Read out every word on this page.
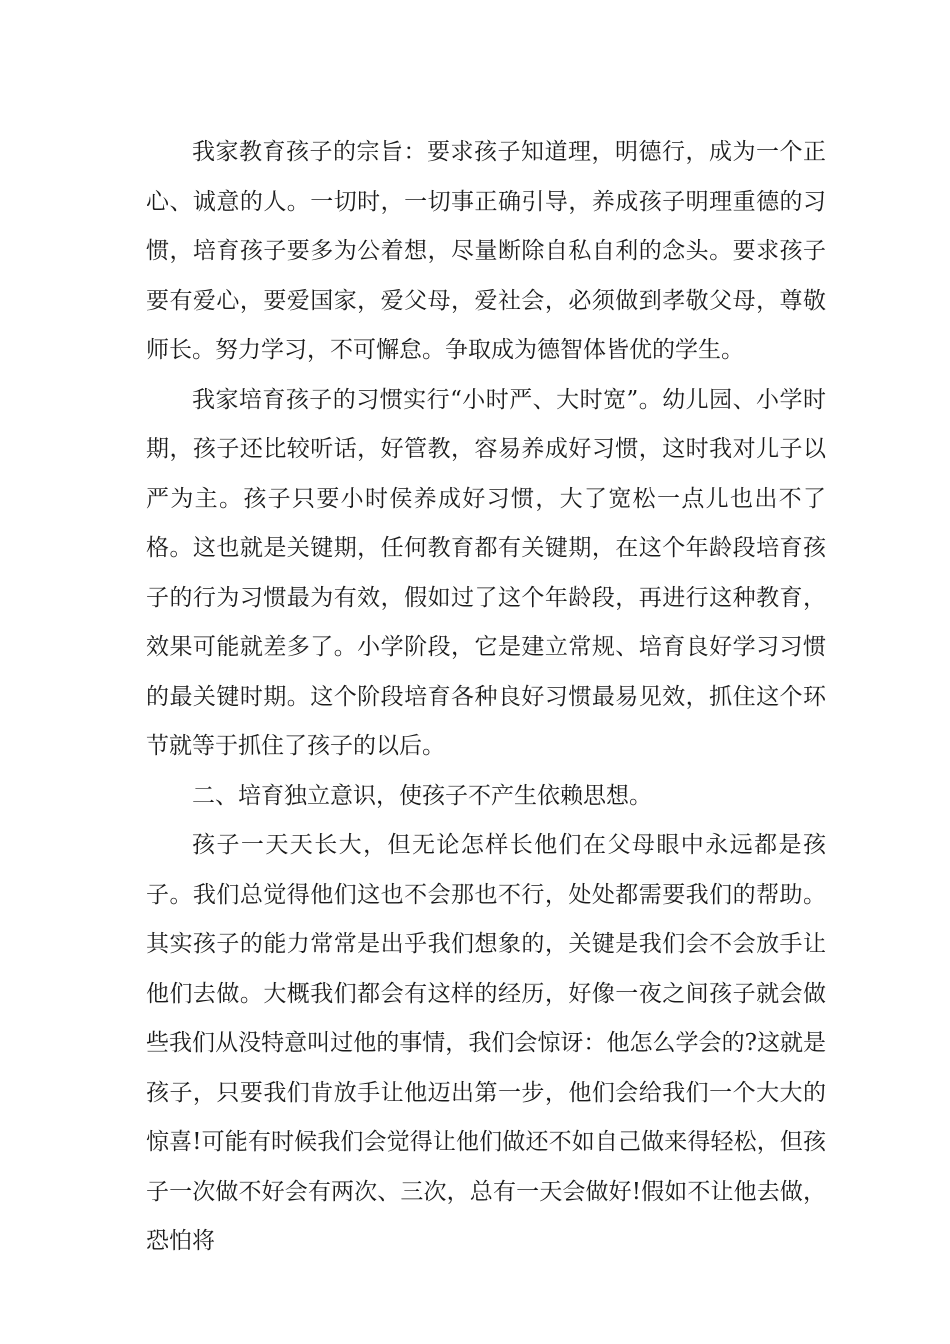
我家教育孩子的宗旨：要求孩子知道理，明德行，成为一个正心、诚意的人。一切时，一切事正确引导，养成孩子明理重德的习惯，培育孩子要多为公着想，尽量断除自私自利的念头。要求孩子要有爱心，要爱国家，爱父母，爱社会，必须做到孝敬父母，尊敬师长。努力学习，不可懈怠。争取成为德智体皆优的学生。

我家培育孩子的习惯实行“小时严、大时宽”。幼儿园、小学时期，孩子还比较听话，好管教，容易养成好习惯，这时我对儿子以严为主。孩子只要小时侯养成好习惯，大了宽松一点儿也出不了格。这也就是关键期，任何教育都有关键期，在这个年龄段培育孩子的行为习惯最为有效，假如过了这个年龄段，再进行这种教育，效果可能就差多了。小学阶段，它是建立常规、培育良好学习习惯的最关键时期。这个阶段培育各种良好习惯最易见效，抓住这个环节就等于抓住了孩子的以后。

二、培育独立意识，使孩子不产生依赖思想。

孩子一天天长大，但无论怎样长他们在父母眼中永远都是孩子。我们总觉得他们这也不会那也不行，处处都需要我们的帮助。其实孩子的能力常常是出乎我们想象的，关键是我们会不会放手让他们去做。大概我们都会有这样的经历，好像一夜之间孩子就会做些我们从没特意叫过他的事情，我们会惊讶：他怎么学会的?这就是孩子，只要我们肯放手让他迈出第一步，他们会给我们一个大大的惊喜!可能有时候我们会觉得让他们做还不如自己做来得轻松，但孩子一次做不好会有两次、三次，总有一天会做好!假如不让他去做，恐怕将
